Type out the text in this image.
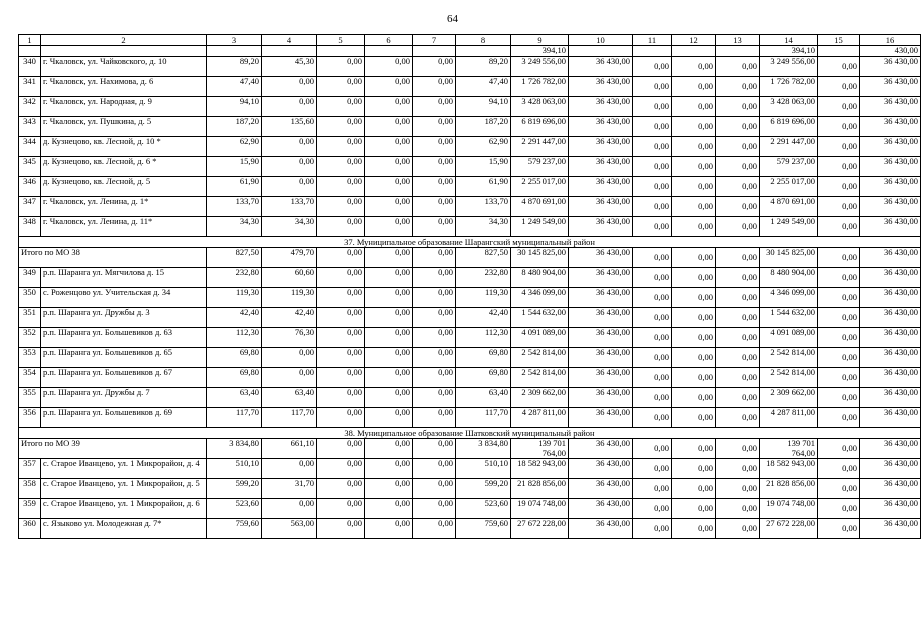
64
1	2	3	4	5	6	7	8	9	10	11	12	13	14	15	16
								394,10					394,10		430,00
340	г. Чкаловск, ул. Чайковского, д. 10	89,20	45,30	0,00	0,00	0,00	89,20	3 249 556,00	36 430,00	0,00	0,00	0,00	3 249 556,00	0,00	36 430,00
341	г. Чкаловск, ул. Нахимова, д. 6	47,40	0,00	0,00	0,00	0,00	47,40	1 726 782,00	36 430,00	0,00	0,00	0,00	1 726 782,00	0,00	36 430,00
342	г. Чкаловск, ул. Народная, д. 9	94,10	0,00	0,00	0,00	0,00	94,10	3 428 063,00	36 430,00	0,00	0,00	0,00	3 428 063,00	0,00	36 430,00
343	г. Чкаловск, ул. Пушкина, д. 5	187,20	135,60	0,00	0,00	0,00	187,20	6 819 696,00	36 430,00	0,00	0,00	0,00	6 819 696,00	0,00	36 430,00
344	д. Кузнецово, кв. Лесной, д. 10 *	62,90	0,00	0,00	0,00	0,00	62,90	2 291 447,00	36 430,00	0,00	0,00	0,00	2 291 447,00	0,00	36 430,00
345	д. Кузнецово, кв. Лесной, д. 6 *	15,90	0,00	0,00	0,00	0,00	15,90	579 237,00	36 430,00	0,00	0,00	0,00	579 237,00	0,00	36 430,00
346	д. Кузнецово, кв. Лесной, д. 5	61,90	0,00	0,00	0,00	0,00	61,90	2 255 017,00	36 430,00	0,00	0,00	0,00	2 255 017,00	0,00	36 430,00
347	г. Чкаловск, ул. Ленина, д. 1*	133,70	133,70	0,00	0,00	0,00	133,70	4 870 691,00	36 430,00	0,00	0,00	0,00	4 870 691,00	0,00	36 430,00
348	г. Чкаловск, ул. Ленина, д. 11*	34,30	34,30	0,00	0,00	0,00	34,30	1 249 549,00	36 430,00	0,00	0,00	0,00	1 249 549,00	0,00	36 430,00
37. Муниципальное образование Шарангский муниципальный район															
Итого по МО 38		827,50	479,70	0,00	0,00	0,00	827,50	30 145 825,00	36 430,00	0,00	0,00	0,00	30 145 825,00	0,00	36 430,00
349	р.п. Шаранга ул. Мягчилова д. 15	232,80	60,60	0,00	0,00	0,00	232,80	8 480 904,00	36 430,00	0,00	0,00	0,00	8 480 904,00	0,00	36 430,00
350	с. Роженцово ул. Учительская д. 34	119,30	119,30	0,00	0,00	0,00	119,30	4 346 099,00	36 430,00	0,00	0,00	0,00	4 346 099,00	0,00	36 430,00
351	р.п. Шаранга ул. Дружбы д. 3	42,40	42,40	0,00	0,00	0,00	42,40	1 544 632,00	36 430,00	0,00	0,00	0,00	1 544 632,00	0,00	36 430,00
352	р.п. Шаранга ул. Большевиков д. 63	112,30	76,30	0,00	0,00	0,00	112,30	4 091 089,00	36 430,00	0,00	0,00	0,00	4 091 089,00	0,00	36 430,00
353	р.п. Шаранга ул. Большевиков д. 65	69,80	0,00	0,00	0,00	0,00	69,80	2 542 814,00	36 430,00	0,00	0,00	0,00	2 542 814,00	0,00	36 430,00
354	р.п. Шаранга ул. Большевиков д. 67	69,80	0,00	0,00	0,00	0,00	69,80	2 542 814,00	36 430,00	0,00	0,00	0,00	2 542 814,00	0,00	36 430,00
355	р.п. Шаранга ул. Дружбы д. 7	63,40	63,40	0,00	0,00	0,00	63,40	2 309 662,00	36 430,00	0,00	0,00	0,00	2 309 662,00	0,00	36 430,00
356	р.п. Шаранга ул. Большевиков д. 69	117,70	117,70	0,00	0,00	0,00	117,70	4 287 811,00	36 430,00	0,00	0,00	0,00	4 287 811,00	0,00	36 430,00
38. Муниципальное образование Шатковский муниципальный район															
Итого по МО 39		3 834,80	661,10	0,00	0,00	0,00	3 834,80	139 701 764,00	36 430,00	0,00	0,00	0,00	139 701 764,00	0,00	36 430,00
357	с. Старое Иванцево, ул. 1 Микрорайон, д. 4	510,10	0,00	0,00	0,00	0,00	510,10	18 582 943,00	36 430,00	0,00	0,00	0,00	18 582 943,00	0,00	36 430,00
358	с. Старое Иванцево, ул. 1 Микрорайон, д. 5	599,20	31,70	0,00	0,00	0,00	599,20	21 828 856,00	36 430,00	0,00	0,00	0,00	21 828 856,00	0,00	36 430,00
359	с. Старое Иванцево, ул. 1 Микрорайон, д. 6	523,60	0,00	0,00	0,00	0,00	523,60	19 074 748,00	36 430,00	0,00	0,00	0,00	19 074 748,00	0,00	36 430,00
360	с. Языково ул. Молодежная д. 7*	759,60	563,00	0,00	0,00	0,00	759,60	27 672 228,00	36 430,00	0,00	0,00	0,00	27 672 228,00	0,00	36 430,00
